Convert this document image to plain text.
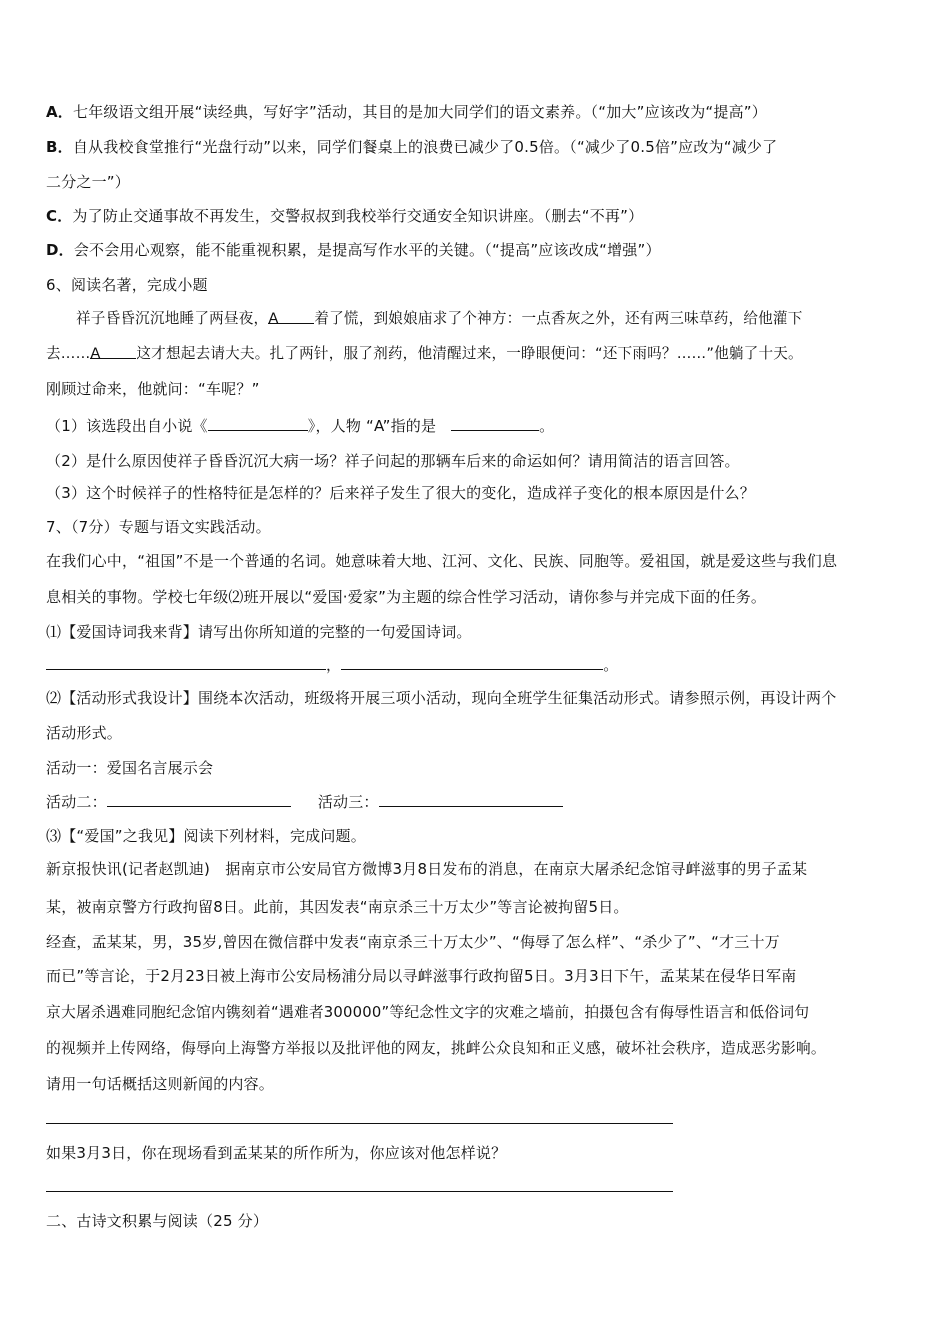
A．七年级语文组开展“读经典，写好字”活动，其目的是加大同学们的语文素养。（“加大”应该改为“提高”）
B．自从我校食堂推行“光盘行动”以来，同学们餐桌上的浪费已减少了0.5倍。（“减少了0.5倍”应改为“减少了
二分之一”）
C．为了防止交通事故不再发生，交警叔叔到我校举行交通安全知识讲座。（删去“不再”）
D．会不会用心观察，能不能重视积累，是提高写作水平的关键。（“提高”应该改成“增强”）
6、阅读名著，完成小题
祥子昏昏沉沉地睡了两昼夜，A 着了慌，到娘娘庙求了个神方：一点香灰之外，还有两三味草药，给他灌下
去……A 这才想起去请大夫。扎了两针，服了剂药，他清醒过来，一睁眼便问：“还下雨吗？……”他躺了十天。
刚顾过命来，他就问：“车呢？”
（1）该选段出自小说《	》，人物 “A”指的是	。
（2）是什么原因使祥子昏昏沉沉大病一场？祥子问起的那辆车后来的命运如何？请用简洁的语言回答。
（3）这个时候祥子的性格特征是怎样的？后来祥子发生了很大的变化，造成祥子变化的根本原因是什么？
7、（7分）专题与语文实践活动。
在我们心中，“祖国”不是一个普通的名词。她意味着大地、江河、文化、民族、同胞等。爱祖国，就是爱这些与我们息
息相关的事物。学校七年级⑵班开展以“爱国·爱家”为主题的综合性学习活动，请你参与并完成下面的任务。
⑴【爱国诗词我来背】请写出你所知道的完整的一句爱国诗词。
，	。
⑵【活动形式我设计】围绕本次活动，班级将开展三项小活动，现向全班学生征集活动形式。请参照示例，再设计两个
活动形式。
活动一：爱国名言展示会
活动二：	活动三：
⑶【“爱国”之我见】阅读下列材料，完成问题。
新京报快讯(记者赵凯迪)　据南京市公安局官方微博3月8日发布的消息，在南京大屠杀纪念馆寻衅滋事的男子孟某
某，被南京警方行政拘留8日。此前，其因发表“南京杀三十万太少”等言论被拘留5日。
经查，孟某某，男，35岁,曾因在微信群中发表“南京杀三十万太少”、“侮辱了怎么样”、“杀少了”、“才三十万
而已”等言论，于2月23日被上海市公安局杨浦分局以寻衅滋事行政拘留5日。3月3日下午，孟某某在侵华日军南
京大屠杀遇难同胞纪念馆内镌刻着“遇难者300000”等纪念性文字的灾难之墙前，拍摄包含有侮辱性语言和低俗词句
的视频并上传网络，侮辱向上海警方举报以及批评他的网友，挑衅公众良知和正义感，破坏社会秩序，造成恶劣影响。
请用一句话概括这则新闻的内容。
如果3月3日，你在现场看到孟某某的所作所为，你应该对他怎样说？
二、古诗文积累与阅读（25 分）
